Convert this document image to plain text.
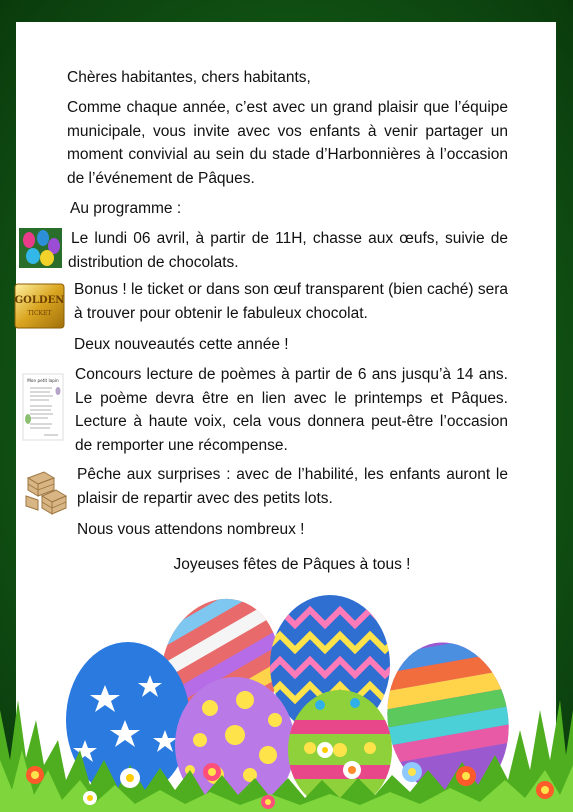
Chères habitantes, chers habitants,
Comme chaque année, c’est avec un grand plaisir que l’équipe municipale, vous invite avec vos enfants à venir partager un moment convivial au sein du stade d’Harbonnières à l’occasion de l’événement de Pâques.
Au programme :
Le lundi 06 avril, à partir de 11H, chasse aux œufs, suivie de distribution de chocolats.
GOLDEN
TICKET
Bonus ! le ticket or dans son œuf transparent (bien caché) sera à trouver pour obtenir le fabuleux chocolat.
Deux nouveautés cette année !
Mon petit lapin Concours lecture de poèmes à partir de 6 ans jusqu’à 14 ans. Le poème devra être en lien avec le printemps et Pâques. Lecture à haute voix, cela vous donnera peut-être l’occasion de remporter une récompense.
Pêche aux surprises : avec de l’habilité, les enfants auront le plaisir de repartir avec des petits lots.
Nous vous attendons nombreux !
Joyeuses fêtes de Pâques à tous !
